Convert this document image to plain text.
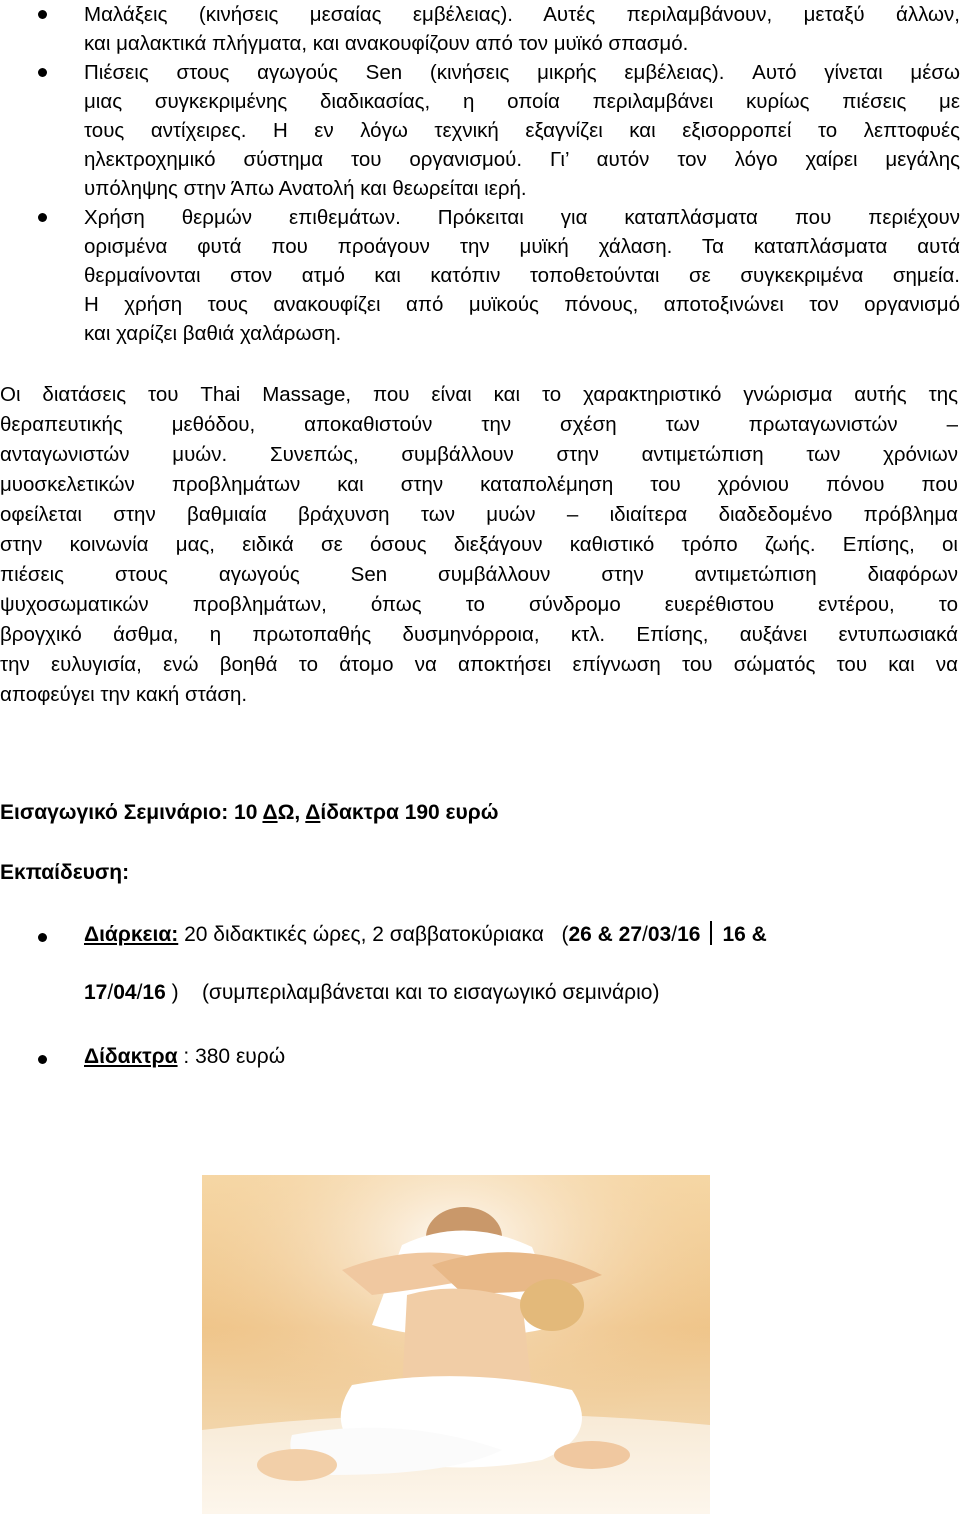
Μαλάξεις (κινήσεις μεσαίας εμβέλειας). Αυτές περιλαμβάνουν, μεταξύ άλλων,

και μαλακτικά πλήγματα, και ανακουφίζουν από τον μυϊκό σπασμό.

Πιέσεις στους αγωγούς Sen (κινήσεις μικρής εμβέλειας). Αυτό γίνεται μέσω

μιας συγκεκριμένης διαδικασίας, η οποία περιλαμβάνει κυρίως πιέσεις με

τους αντίχειρες. Η εν λόγω τεχνική εξαγνίζει και εξισορροπεί το λεπτοφυές

ηλεκτροχημικό σύστημα του οργανισμού. Γι’ αυτόν τον λόγο χαίρει μεγάλης

υπόληψης στην Άπω Ανατολή και θεωρείται ιερή.

Χρήση θερμών επιθεμάτων. Πρόκειται για καταπλάσματα που περιέχουν

ορισμένα φυτά που προάγουν την μυϊκή χάλαση. Τα καταπλάσματα αυτά

θερμαίνονται στον ατμό και κατόπιν τοποθετούνται σε συγκεκριμένα σημεία.

Η χρήση τους ανακουφίζει από μυϊκούς πόνους, αποτοξινώνει τον οργανισμό

και χαρίζει βαθιά χαλάρωση.

Οι διατάσεις του Thai Massage, που είναι και το χαρακτηριστικό γνώρισμα αυτής της
θεραπευτικής μεθόδου, αποκαθιστούν την σχέση των πρωταγωνιστών –
ανταγωνιστών μυών. Συνεπώς, συμβάλλουν στην αντιμετώπιση των χρόνιων
μυοσκελετικών προβλημάτων και στην καταπολέμηση του χρόνιου πόνου που
οφείλεται στην βαθμιαία βράχυνση των μυών – ιδιαίτερα διαδεδομένο πρόβλημα
στην κοινωνία μας, ειδικά σε όσους διεξάγουν καθιστικό τρόπο ζωής. Επίσης, οι
πιέσεις στους αγωγούς Sen συμβάλλουν στην αντιμετώπιση διαφόρων
ψυχοσωματικών προβλημάτων, όπως το σύνδρομο ευερέθιστου εντέρου, το
βρογχικό άσθμα, η πρωτοπαθής δυσμηνόρροια, κτλ. Επίσης, αυξάνει εντυπωσιακά
την ευλυγισία, ενώ βοηθά το άτομο να αποκτήσει επίγνωση του σώματός του και να
αποφεύγει την κακή στάση.

Εισαγωγικό Σεμινάριο: 10 ΔΩ, Δίδακτρα 190 ευρώ

Εκπαίδευση:

Διάρκεια: 20 διδακτικές ώρες, 2 σαββατοκύριακα (26 & 27/03/16 16 &
17/04/16 ) (συμπεριλαμβάνεται και το εισαγωγικό σεμινάριο)
Δίδακτρα : 380 ευρώ
